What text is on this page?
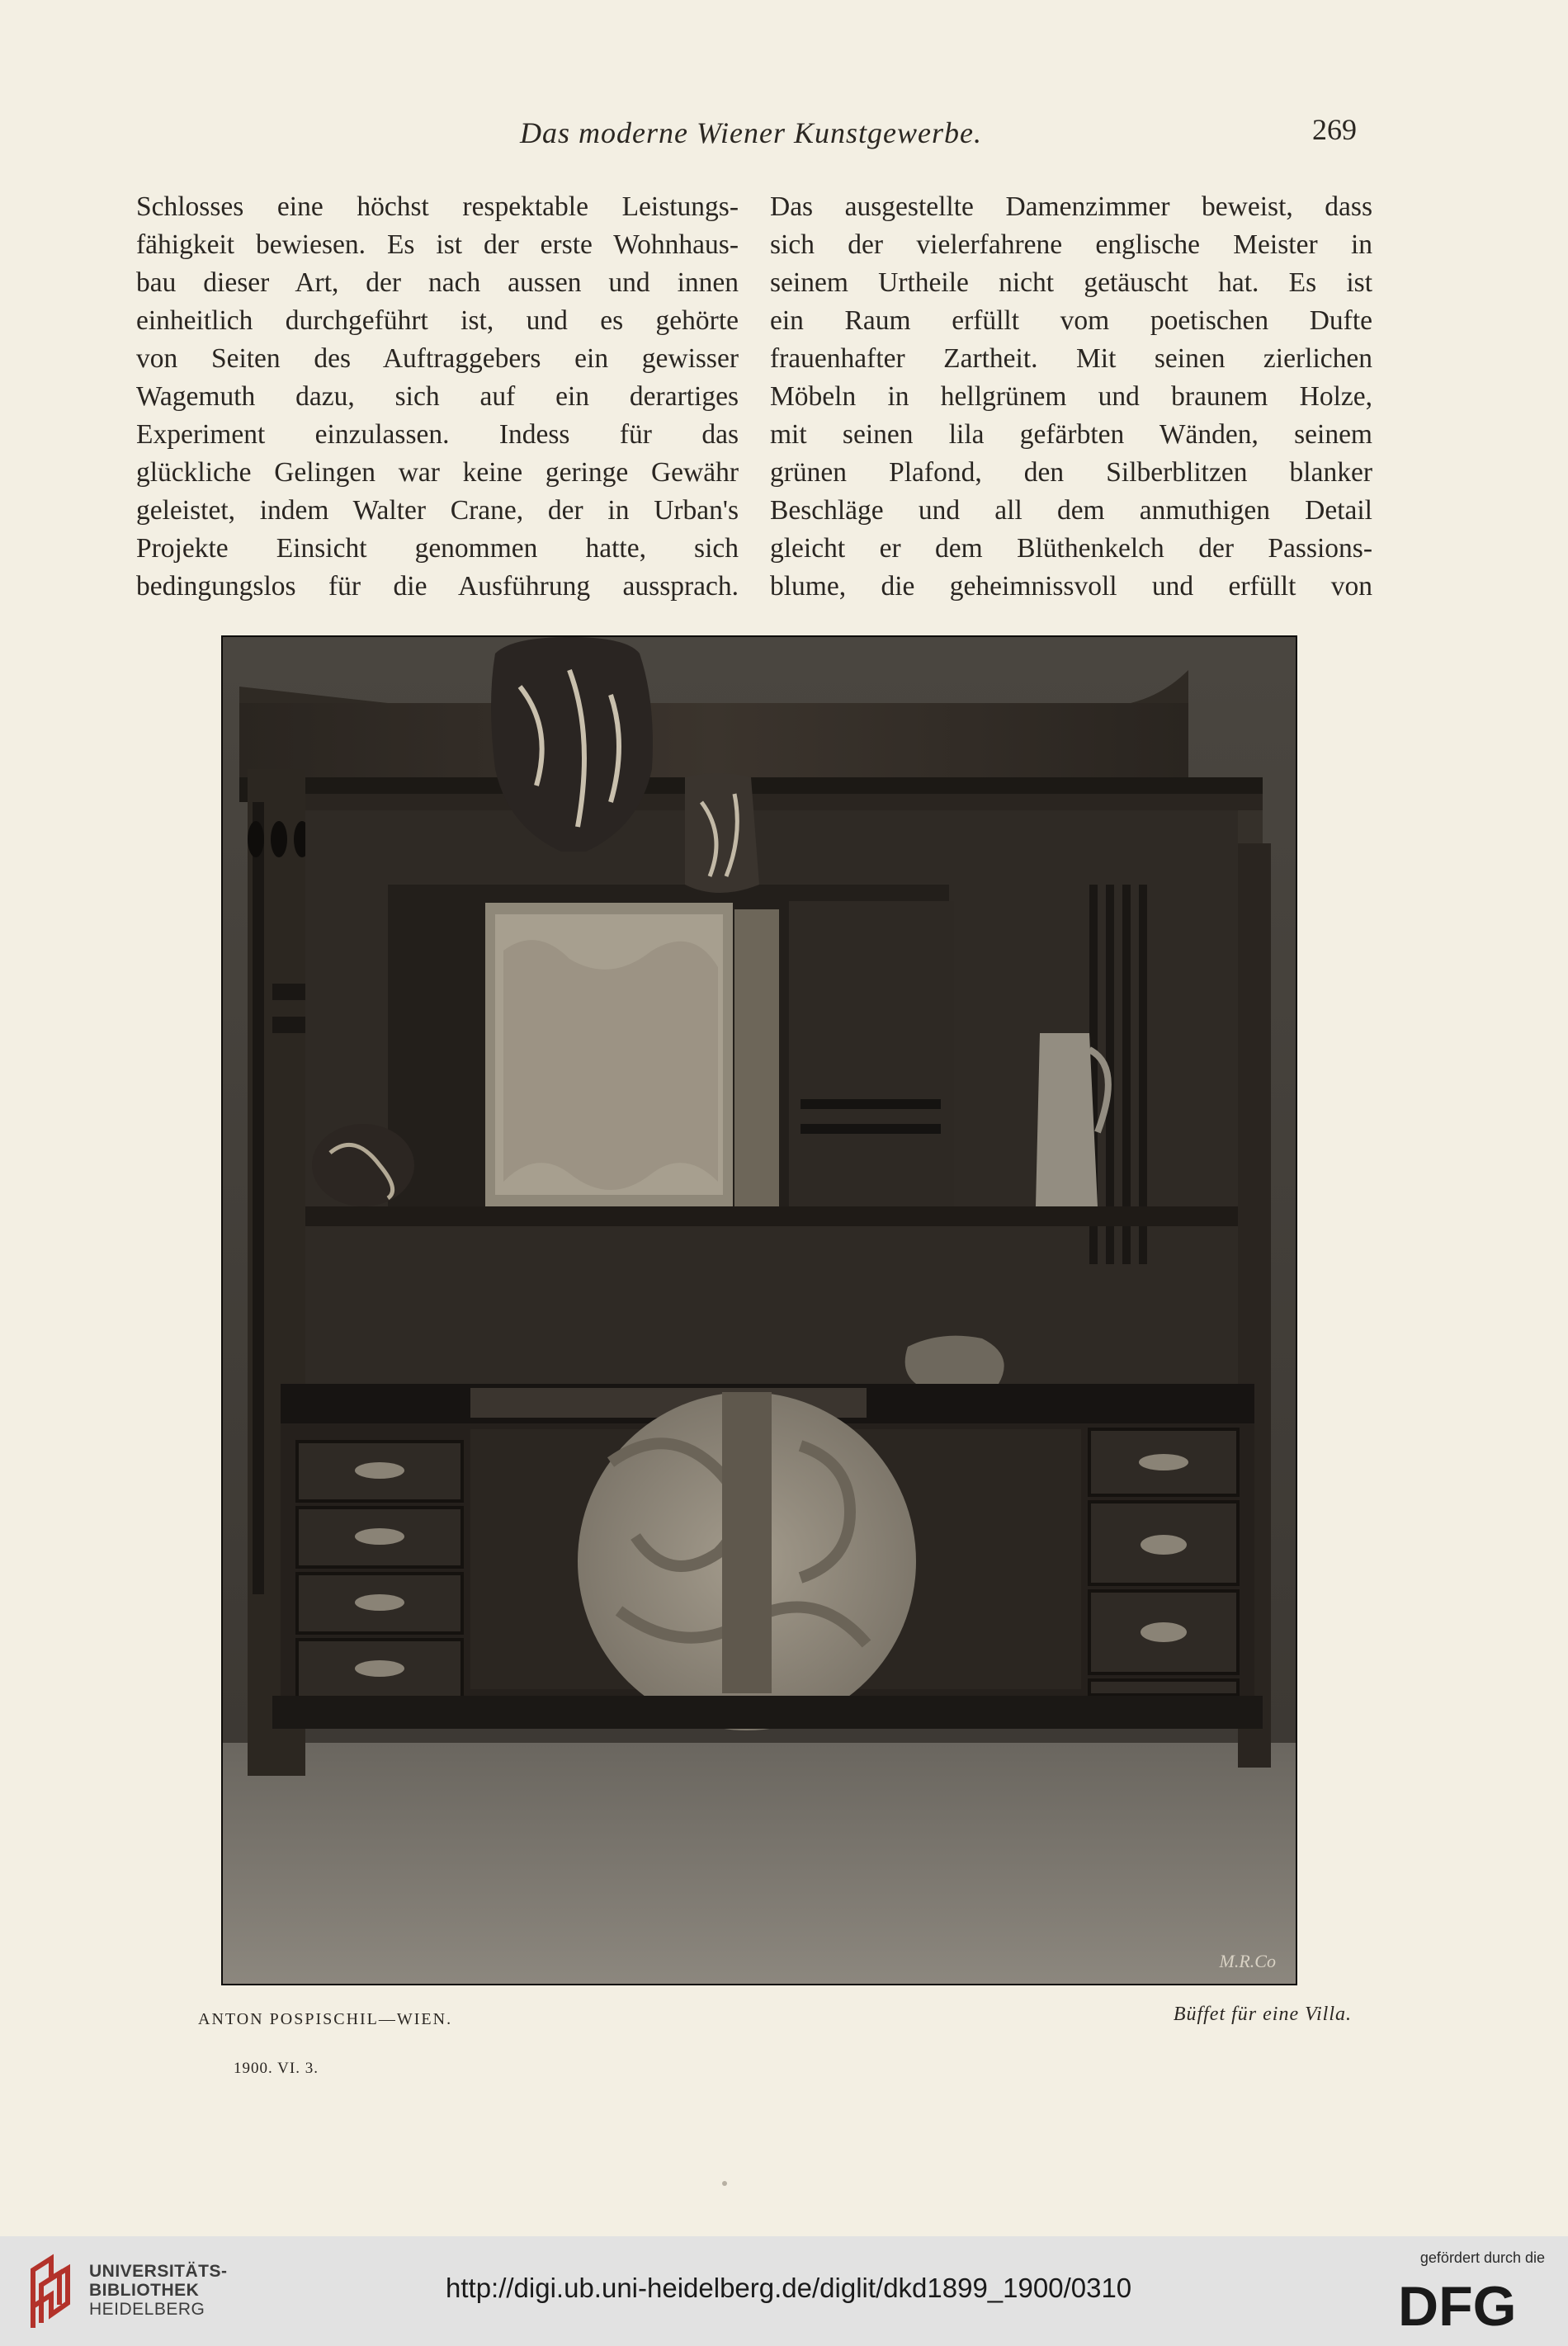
Das moderne Wiener Kunstgewerbe.	269
Schlosses eine höchst respektable Leistungs-
fähigkeit bewiesen. Es ist der erste Wohnhaus-
bau dieser Art, der nach aussen und innen
einheitlich durchgeführt ist, und es gehörte
von Seiten des Auftraggebers ein gewisser
Wagemuth dazu, sich auf ein derartiges
Experiment einzulassen. Indess für das
glückliche Gelingen war keine geringe Gewähr
geleistet, indem Walter Crane, der in Urban's
Projekte Einsicht genommen hatte, sich
bedingungslos für die Ausführung aussprach.
Das ausgestellte Damenzimmer beweist, dass
sich der vielerfahrene englische Meister in
seinem Urtheile nicht getäuscht hat. Es ist
ein Raum erfüllt vom poetischen Dufte
frauenhafter Zartheit. Mit seinen zierlichen
Möbeln in hellgrünem und braunem Holze,
mit seinen lila gefärbten Wänden, seinem
grünen Plafond, den Silberblitzen blanker
Beschläge und all dem anmuthigen Detail
gleicht er dem Blüthenkelch der Passions-
blume, die geheimnissvoll und erfüllt von
M.R.Co
ANTON POSPISCHIL—WIEN.	Büffet für eine Villa.
1900. VI. 3.
UNIVERSITÄTS-
BIBLIOTHEK
HEIDELBERG
http://digi.ub.uni-heidelberg.de/diglit/dkd1899_1900/0310
gefördert durch die
DFG
